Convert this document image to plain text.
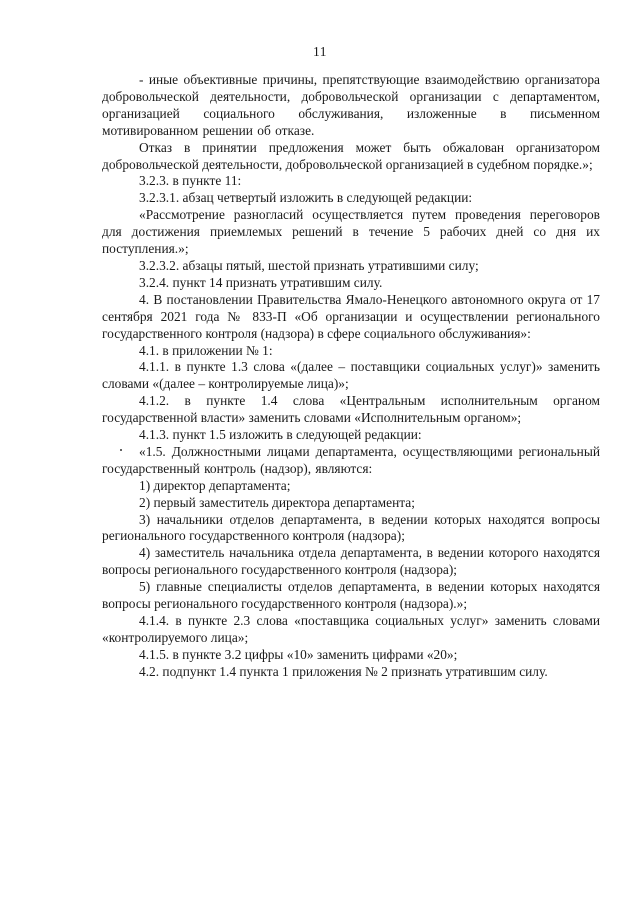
11

- иные объективные причины, препятствующие взаимодействию организатора добровольческой деятельности, добровольческой организации с департаментом, организацией социального обслуживания, изложенные в письменном мотивированном решении об отказе.

Отказ в принятии предложения может быть обжалован организатором добровольческой деятельности, добровольческой организацией в судебном порядке.»;

3.2.3. в пункте 11:

3.2.3.1. абзац четвертый изложить в следующей редакции:

«Рассмотрение разногласий осуществляется путем проведения переговоров для достижения приемлемых решений в течение 5 рабочих дней со дня их поступления.»;

3.2.3.2. абзацы пятый, шестой признать утратившими силу;

3.2.4. пункт 14 признать утратившим силу.

4. В постановлении Правительства Ямало-Ненецкого автономного округа от 17 сентября 2021 года № 833-П «Об организации и осуществлении регионального государственного контроля (надзора) в сфере социального обслуживания»:

4.1. в приложении № 1:

4.1.1. в пункте 1.3 слова «(далее – поставщики социальных услуг)» заменить словами «(далее – контролируемые лица)»;

4.1.2. в пункте 1.4 слова «Центральным исполнительным органом государственной власти» заменить словами «Исполнительным органом»;

4.1.3. пункт 1.5 изложить в следующей редакции:

«1.5. Должностными лицами департамента, осуществляющими региональный государственный контроль (надзор), являются:

1) директор департамента;

2) первый заместитель директора департамента;

3) начальники отделов департамента, в ведении которых находятся вопросы регионального государственного контроля (надзора);

4) заместитель начальника отдела департамента, в ведении которого находятся вопросы регионального государственного контроля (надзора);

5) главные специалисты отделов департамента, в ведении которых находятся вопросы регионального государственного контроля (надзора).»;

4.1.4. в пункте 2.3 слова «поставщика социальных услуг» заменить словами «контролируемого лица»;

4.1.5. в пункте 3.2 цифры «10» заменить цифрами «20»;

4.2. подпункт 1.4 пункта 1 приложения № 2 признать утратившим силу.
